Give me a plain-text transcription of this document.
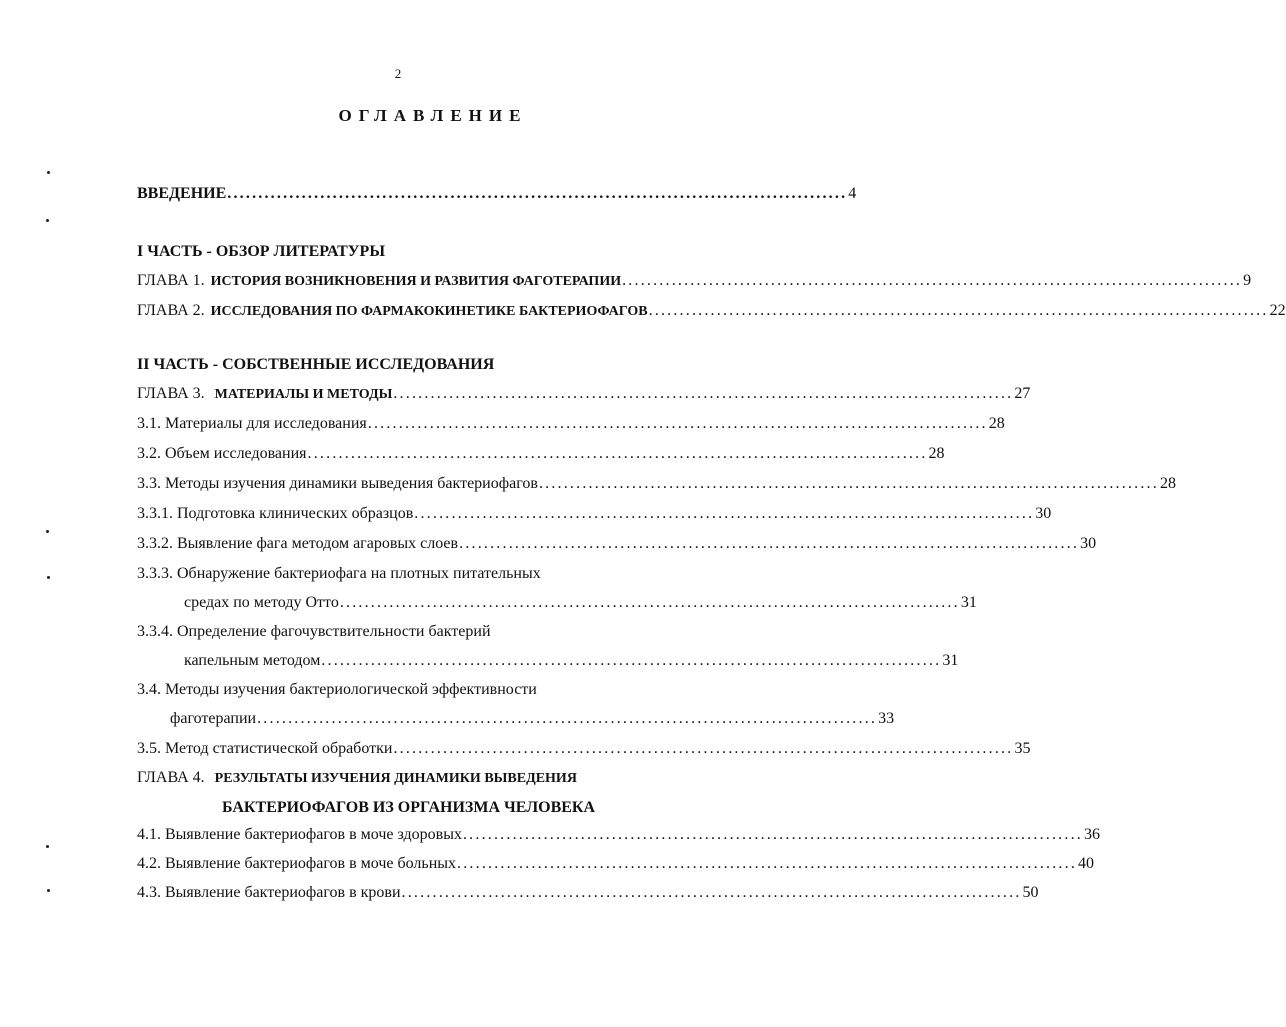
2
ОГЛАВЛЕНИЕ
ВВЕДЕНИЕ .................................................................................................... 4
I ЧАСТЬ - ОБЗОР ЛИТЕРАТУРЫ
ГЛАВА 1. ИСТОРИЯ ВОЗНИКНОВЕНИЯ И РАЗВИТИЯ ФАГОТЕРАПИИ .................................................................................................... 9
ГЛАВА 2. ИССЛЕДОВАНИЯ ПО ФАРМАКОКИНЕТИКЕ БАКТЕРИОФАГОВ .................................................................................................... 22
II ЧАСТЬ - СОБСТВЕННЫЕ ИССЛЕДОВАНИЯ
ГЛАВА 3. МАТЕРИАЛЫ И МЕТОДЫ .................................................................................................... 27
3.1. Материалы для исследования .................................................................................................... 28
3.2. Объем исследования .................................................................................................... 28
3.3. Методы изучения динамики выведения бактериофагов .................................................................................................... 28
3.3.1. Подготовка клинических образцов .................................................................................................... 30
3.3.2. Выявление фага методом агаровых слоев .................................................................................................... 30
3.3.3. Обнаружение бактериофага на плотных питательных
средах по методу Отто .................................................................................................... 31
3.3.4. Определение фагочувствительности бактерий
капельным методом .................................................................................................... 31
3.4. Методы изучения бактериологической эффективности
фаготерапии .................................................................................................... 33
3.5. Метод статистической обработки .................................................................................................... 35
ГЛАВА 4. РЕЗУЛЬТАТЫ ИЗУЧЕНИЯ ДИНАМИКИ ВЫВЕДЕНИЯ
БАКТЕРИОФАГОВ ИЗ ОРГАНИЗМА ЧЕЛОВЕКА
4.1. Выявление бактериофагов в моче здоровых .................................................................................................... 36
4.2. Выявление бактериофагов в моче больных .................................................................................................... 40
4.3. Выявление бактериофагов в крови .................................................................................................... 50
